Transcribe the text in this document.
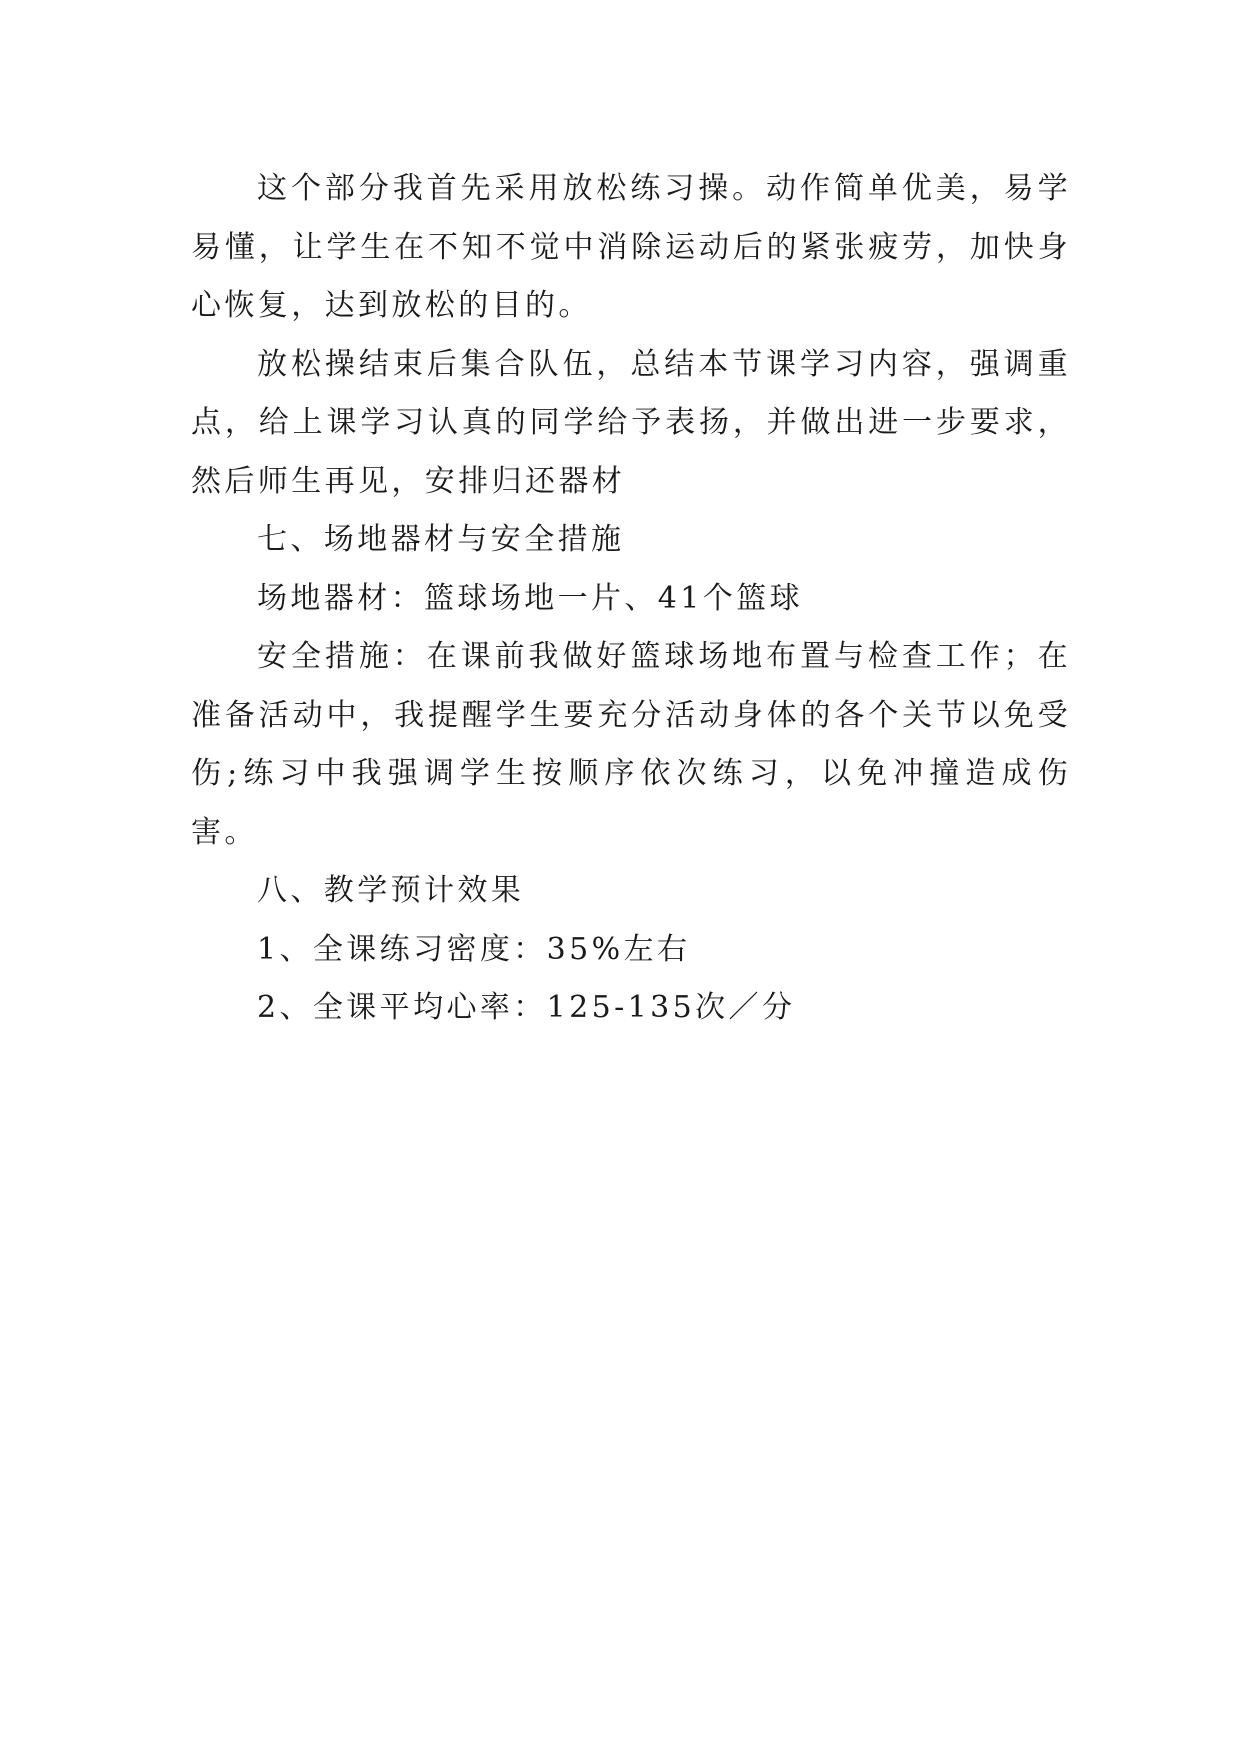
这个部分我首先采用放松练习操。动作简单优美，易学易懂，让学生在不知不觉中消除运动后的紧张疲劳，加快身心恢复，达到放松的目的。

放松操结束后集合队伍，总结本节课学习内容，强调重点，给上课学习认真的同学给予表扬，并做出进一步要求，然后师生再见，安排归还器材

七、场地器材与安全措施

场地器材：篮球场地一片、41个篮球

安全措施：在课前我做好篮球场地布置与检查工作；在准备活动中，我提醒学生要充分活动身体的各个关节以免受伤;练习中我强调学生按顺序依次练习，以免冲撞造成伤害。

八、教学预计效果

1、全课练习密度：35%左右

2、全课平均心率：125-135次／分
